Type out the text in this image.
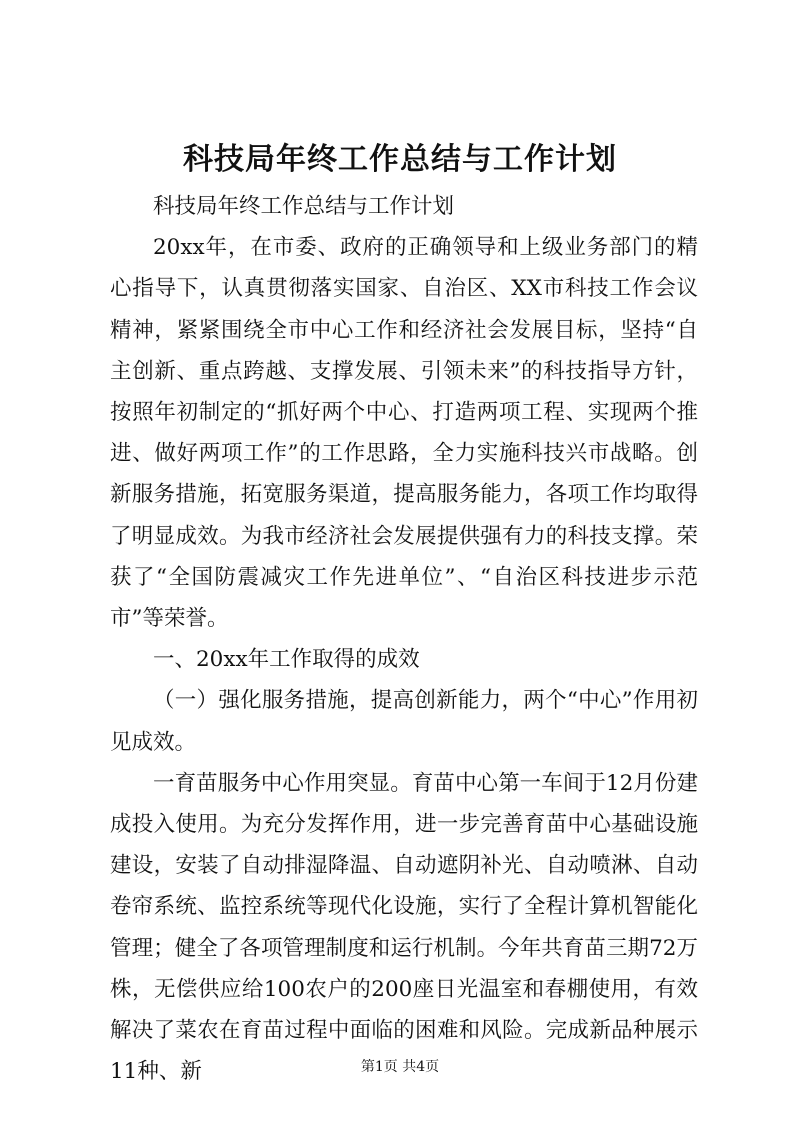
科技局年终工作总结与工作计划

科技局年终工作总结与工作计划

20xx年，在市委、政府的正确领导和上级业务部门的精心指导下，认真贯彻落实国家、自治区、XX市科技工作会议精神，紧紧围绕全市中心工作和经济社会发展目标，坚持“自主创新、重点跨越、支撑发展、引领未来”的科技指导方针，按照年初制定的“抓好两个中心、打造两项工程、实现两个推进、做好两项工作”的工作思路，全力实施科技兴市战略。创新服务措施，拓宽服务渠道，提高服务能力，各项工作均取得了明显成效。为我市经济社会发展提供强有力的科技支撑。荣获了“全国防震减灾工作先进单位”、“自治区科技进步示范市”等荣誉。

一、20xx年工作取得的成效

（一）强化服务措施，提高创新能力，两个“中心”作用初见成效。

一育苗服务中心作用突显。育苗中心第一车间于12月份建成投入使用。为充分发挥作用，进一步完善育苗中心基础设施建设，安装了自动排湿降温、自动遮阴补光、自动喷淋、自动卷帘系统、监控系统等现代化设施，实行了全程计算机智能化管理；健全了各项管理制度和运行机制。今年共育苗三期72万株，无偿供应给100农户的200座日光温室和春棚使用，有效解决了菜农在育苗过程中面临的困难和风险。完成新品种展示11种、新	第1页 共4页
